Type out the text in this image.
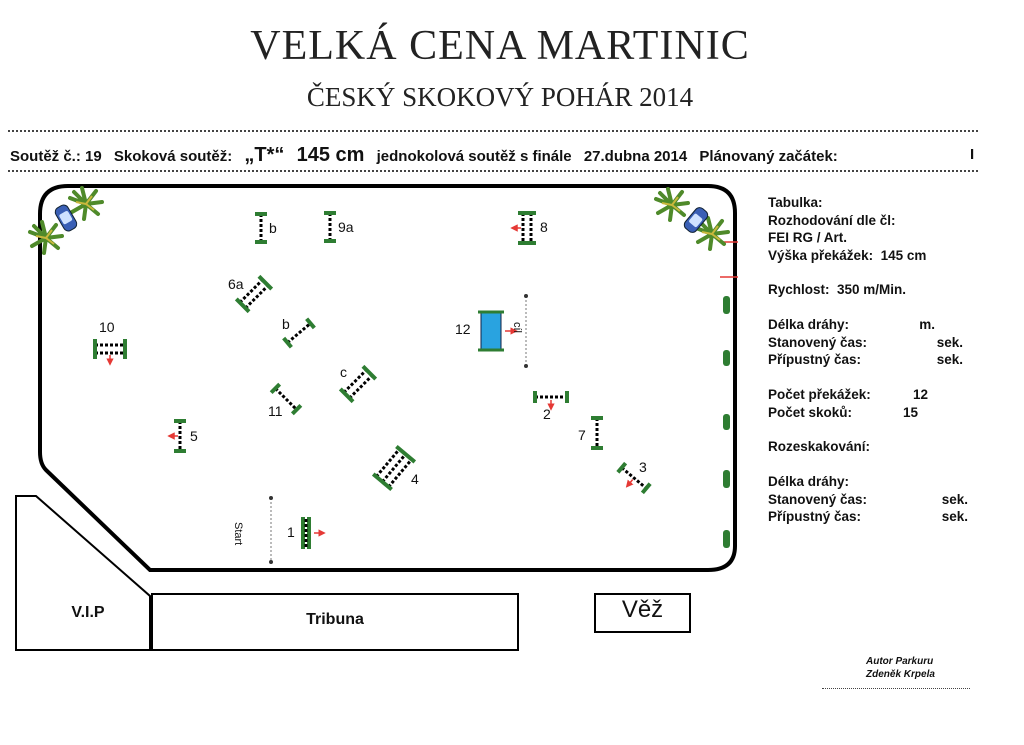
VELKÁ CENA MARTINIC
ČESKÝ SKOKOVÝ POHÁR 2014
Soutěž č.: 19 Skoková soutěž: „T*“ 145 cm jednokolová soutěž s finále 27.dubna 2014 Plánovaný začátek:	I
1
2
3
4
5
6a
b
c
7
8
9a
b
10
11
12
Start
cíl
V.I.P	Tribuna	Věž
Tabulka:
Rozhodování dle čl:
FEI RG / Art.
Výška překážek: 145 cm
Rychlost: 350 m/Min.
Délka dráhy:	m.
Stanovený čas:	sek.
Přípustný čas:	sek.
Počet překážek:	12
Počet skoků:	15
Rozeskakování:
Délka dráhy:
Stanovený čas:	sek.
Přípustný čas:	sek.
Autor Parkuru
Zdeněk Krpela
